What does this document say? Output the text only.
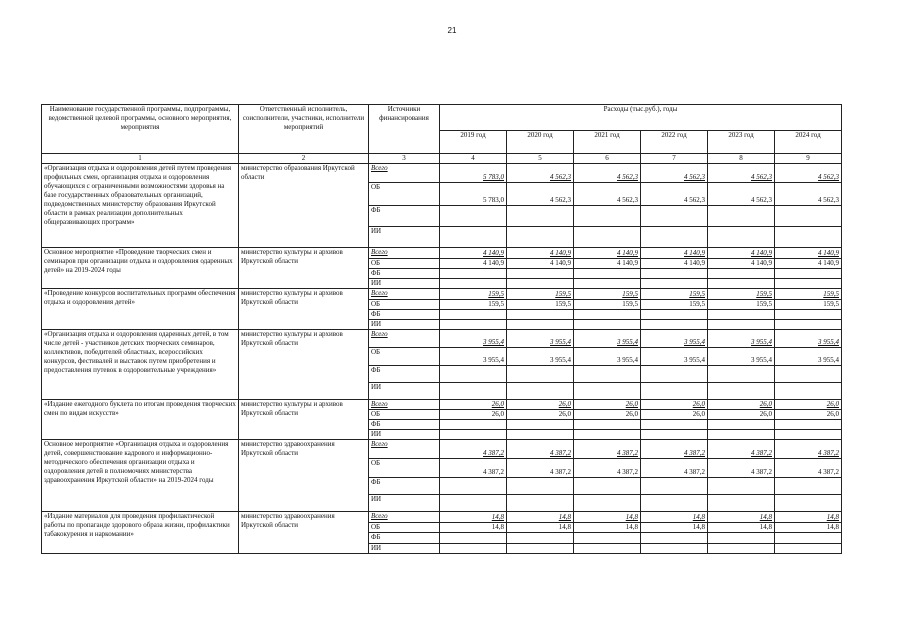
21
Наименование государственной программы, подпрограммы, ведомственной целевой программы, основного мероприятия, мероприятия	Ответственный исполнитель, соисполнители, участники, исполнители мероприятий	Источники финансирования	Расходы (тыс.руб.), годы					
			2019 год	2020 год	2021 год	2022 год	2023 год	2024 год
1	2	3	4	5	6	7	8	9
«Организация отдыха и оздоровления детей путем проведения профильных смен, организация отдыха и оздоровления обучающихся с ограниченными возможностями здоровья на базе государственных образовательных организаций, подведомственных министерству образования Иркутской области в рамках реализации дополнительных общеразвивающих программ»	министерство образования Иркутской области	Всего	5 783,0	4 562,3	4 562,3	4 562,3	4 562,3	4 562,3
		ОБ	5 783,0	4 562,3	4 562,3	4 562,3	4 562,3	4 562,3
		ФБ						
		ИИ						
Основное мероприятие «Проведение творческих смен и семинаров при организации отдыха и оздоровления одаренных детей» на 2019-2024 годы	министерство культуры и архивов Иркутской области	Всего	4 140,9	4 140,9	4 140,9	4 140,9	4 140,9	4 140,9
		ОБ	4 140,9	4 140,9	4 140,9	4 140,9	4 140,9	4 140,9
		ФБ						
		ИИ						
«Проведение конкурсов воспитательных программ обеспечения отдыха и оздоровления детей»	министерство культуры и архивов Иркутской области	Всего	159,5	159,5	159,5	159,5	159,5	159,5
		ОБ	159,5	159,5	159,5	159,5	159,5	159,5
		ФБ						
		ИИ						
«Организация отдыха и оздоровления одаренных детей, в том числе детей - участников детских творческих семинаров, коллективов, победителей областных, всероссийских конкурсов, фестивалей и выставок путем приобретения и предоставления путевок в оздоровительные учреждения»	министерство культуры и архивов Иркутской области	Всего	3 955,4	3 955,4	3 955,4	3 955,4	3 955,4	3 955,4
		ОБ	3 955,4	3 955,4	3 955,4	3 955,4	3 955,4	3 955,4
		ФБ						
		ИИ						
«Издание ежегодного буклета по итогам проведения творческих смен по видам искусств»	министерство культуры и архивов Иркутской области	Всего	26,0	26,0	26,0	26,0	26,0	26,0
		ОБ	26,0	26,0	26,0	26,0	26,0	26,0
		ФБ						
		ИИ						
Основное мероприятие «Организация отдыха и оздоровления детей, совершенствование кадрового и информационно-методического обеспечения организации отдыха и оздоровления детей в полномочиях министерства здравоохранения Иркутской области» на 2019-2024 годы	министерство здравоохранения Иркутской области	Всего	4 387,2	4 387,2	4 387,2	4 387,2	4 387,2	4 387,2
		ОБ	4 387,2	4 387,2	4 387,2	4 387,2	4 387,2	4 387,2
		ФБ						
		ИИ						
«Издание материалов для проведения профилактической работы по пропаганде здорового образа жизни, профилактики табакокурения и наркомании»	министерство здравоохранения Иркутской области	Всего	14,8	14,8	14,8	14,8	14,8	14,8
		ОБ	14,8	14,8	14,8	14,8	14,8	14,8
		ФБ						
		ИИ						
